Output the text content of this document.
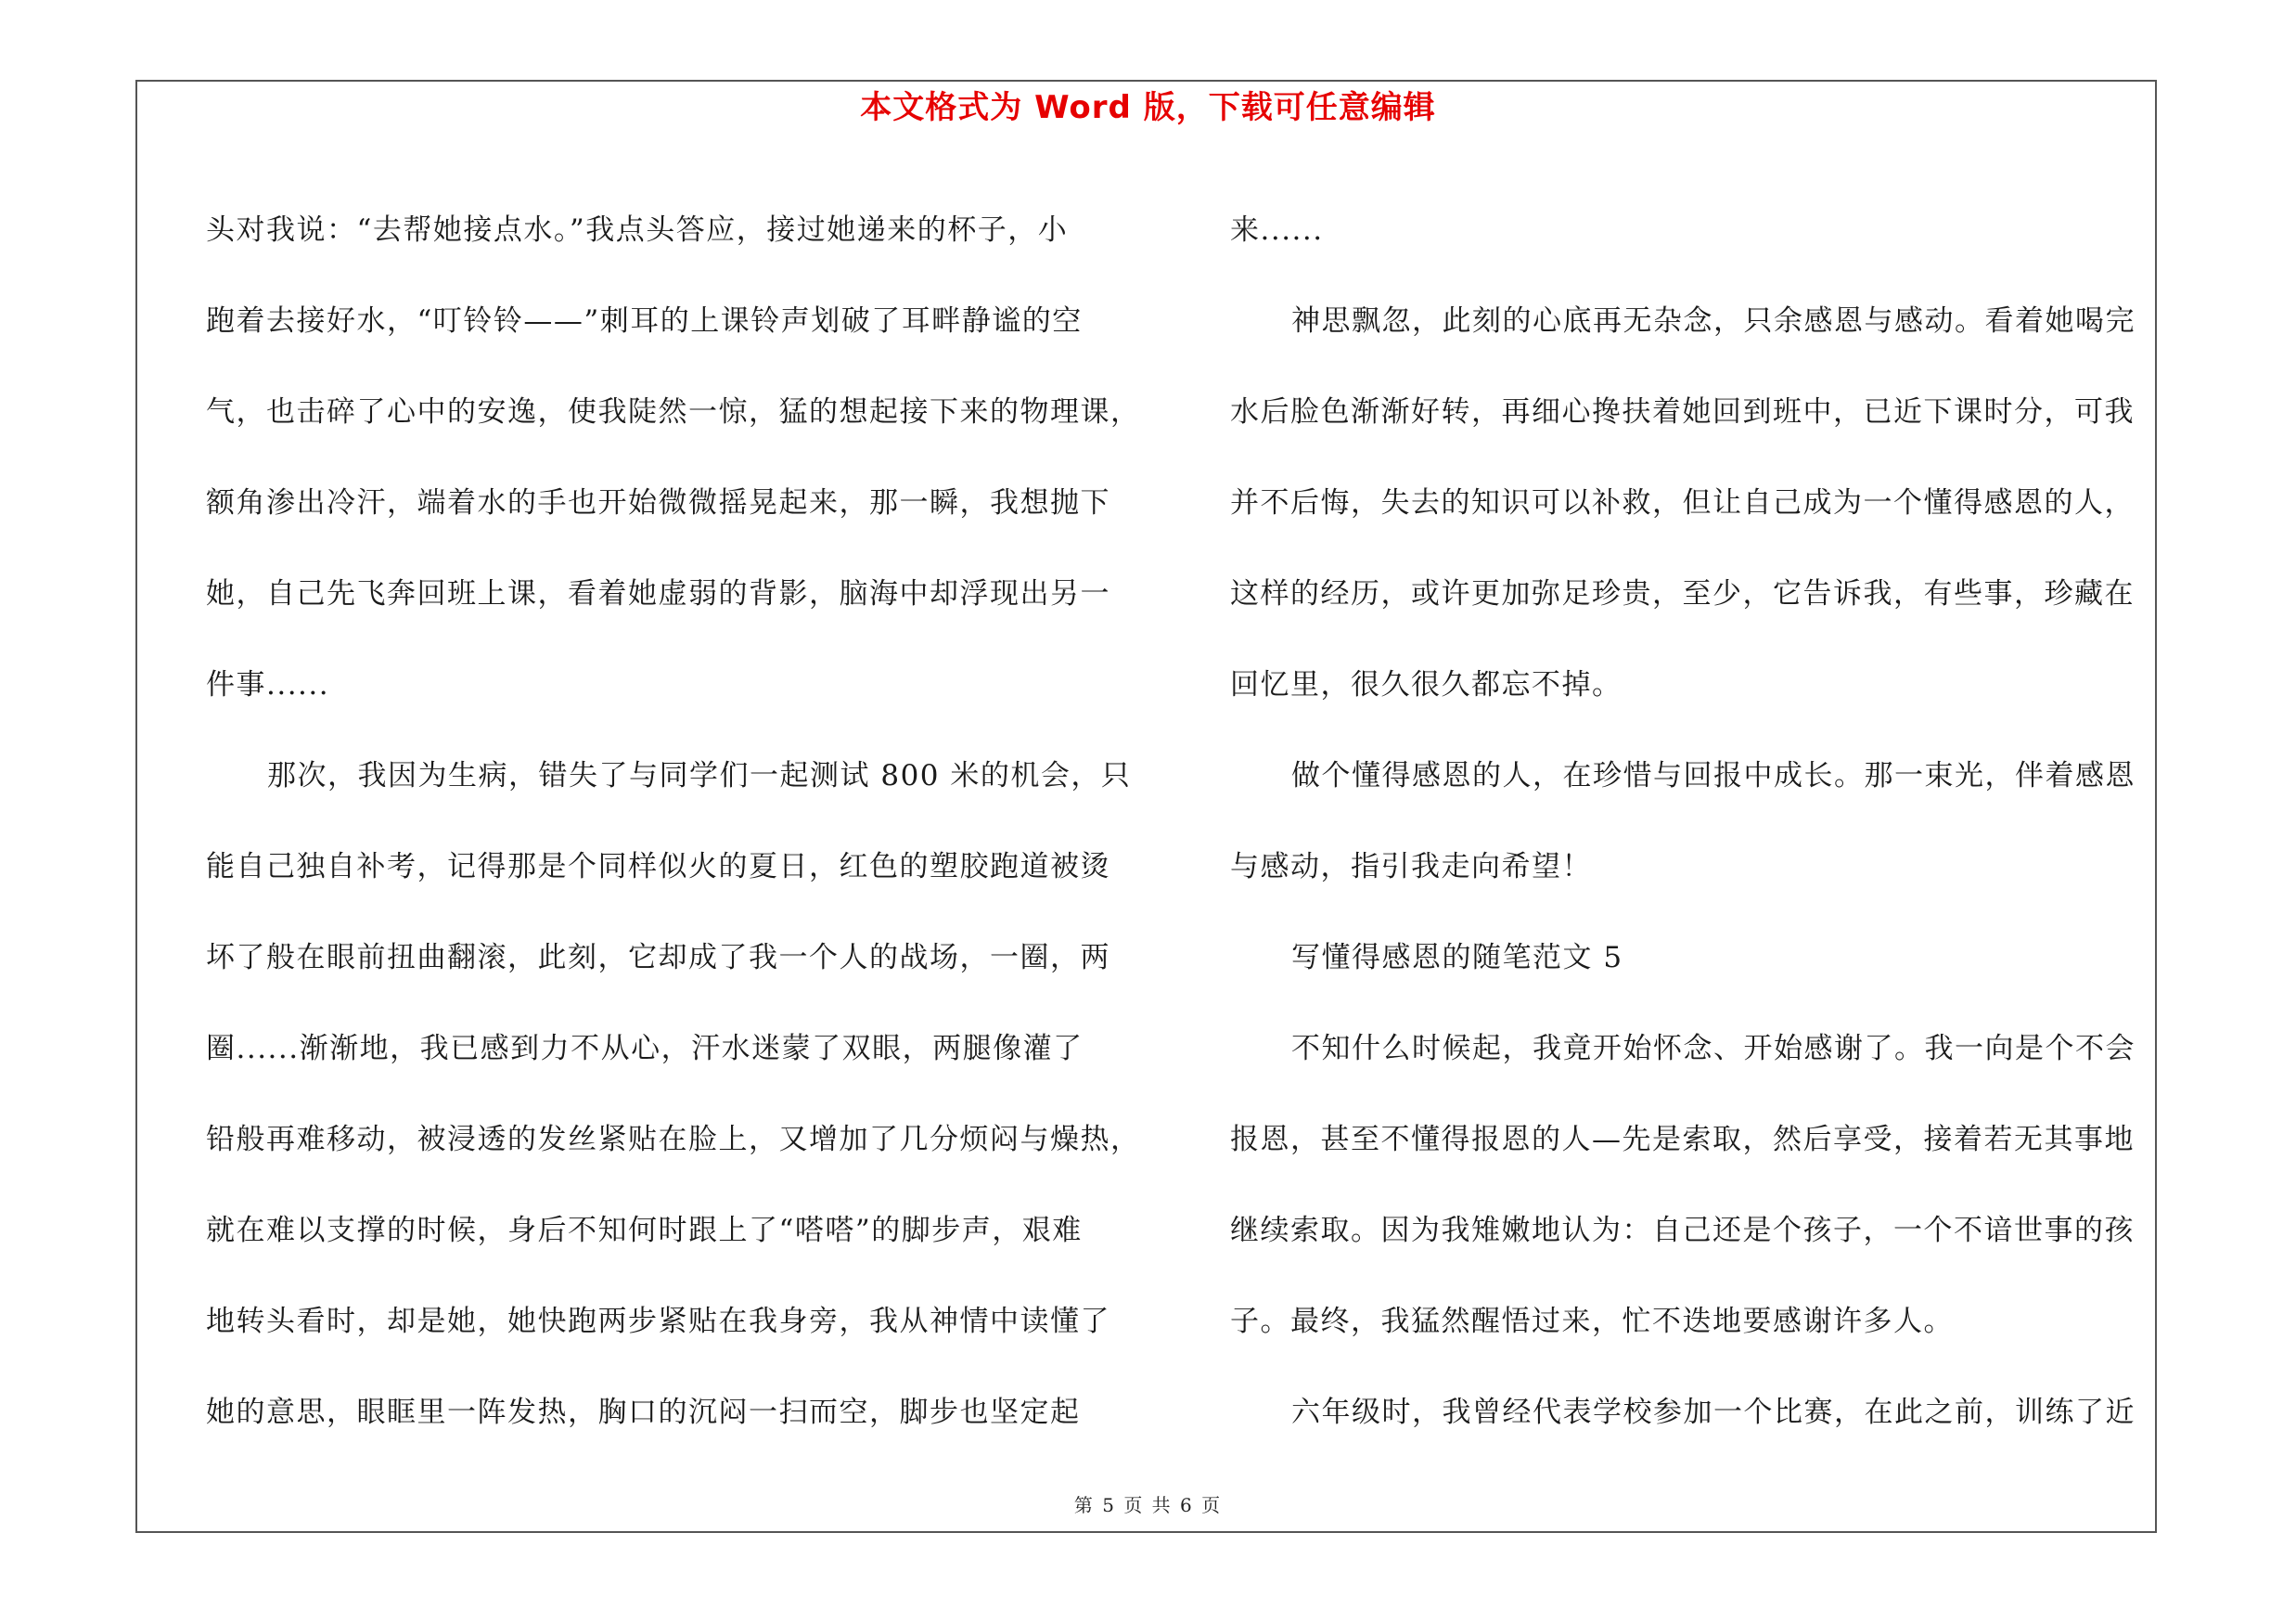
本文格式为 Word 版，下载可任意编辑
头对我说：“去帮她接点水。”我点头答应，接过她递来的杯子，小
跑着去接好水，“叮铃铃——”刺耳的上课铃声划破了耳畔静谧的空
气，也击碎了心中的安逸，使我陡然一惊，猛的想起接下来的物理课，
额角渗出冷汗，端着水的手也开始微微摇晃起来，那一瞬，我想抛下
她，自己先飞奔回班上课，看着她虚弱的背影，脑海中却浮现出另一
件事......
那次，我因为生病，错失了与同学们一起测试 800 米的机会，只
能自己独自补考，记得那是个同样似火的夏日，红色的塑胶跑道被烫
坏了般在眼前扭曲翻滚，此刻，它却成了我一个人的战场，一圈，两
圈......渐渐地，我已感到力不从心，汗水迷蒙了双眼，两腿像灌了
铅般再难移动，被浸透的发丝紧贴在脸上，又增加了几分烦闷与燥热，
就在难以支撑的时候，身后不知何时跟上了“嗒嗒”的脚步声，艰难
地转头看时，却是她，她快跑两步紧贴在我身旁，我从神情中读懂了
她的意思，眼眶里一阵发热，胸口的沉闷一扫而空，脚步也坚定起
来......
神思飘忽，此刻的心底再无杂念，只余感恩与感动。看着她喝完
水后脸色渐渐好转，再细心搀扶着她回到班中，已近下课时分，可我
并不后悔，失去的知识可以补救，但让自己成为一个懂得感恩的人，
这样的经历，或许更加弥足珍贵，至少，它告诉我，有些事，珍藏在
回忆里，很久很久都忘不掉。
做个懂得感恩的人，在珍惜与回报中成长。那一束光，伴着感恩
与感动，指引我走向希望！
写懂得感恩的随笔范文 5
不知什么时候起，我竟开始怀念、开始感谢了。我一向是个不会
报恩，甚至不懂得报恩的人—先是索取，然后享受，接着若无其事地
继续索取。因为我雉嫩地认为：自己还是个孩子，一个不谙世事的孩
子。最终，我猛然醒悟过来，忙不迭地要感谢许多人。
六年级时，我曾经代表学校参加一个比赛，在此之前，训练了近
第 5 页 共 6 页
